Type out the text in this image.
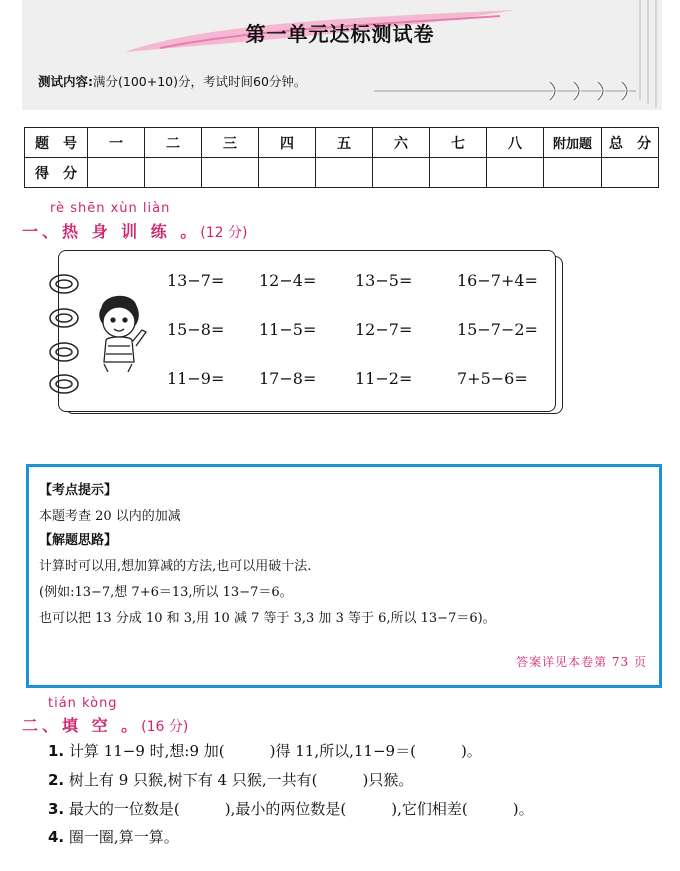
第一单元达标测试卷
测试内容:满分(100+10)分，考试时间60分钟。
题　号	一	二	三	四	五	六	七	八	附加题	总　分
得　分										
rè shēn xùn liàn
一、热 身 训 练 。(12 分)
13−7= 12−4= 13−5=	16−7+4=
15−8= 11−5= 12−7=	15−7−2=
11−9= 17−8= 11−2=	7+5−6=
【考点提示】
本题考查 20 以内的加减
【解题思路】
计算时可以用,想加算减的方法,也可以用破十法.
(例如:13−7,想 7+6＝13,所以 13−7＝6。
也可以把 13 分成 10 和 3,用 10 减 7 等于 3,3 加 3 等于 6,所以 13−7＝6)。
答案详见本卷第 73 页
tián kòng
二、填 空 。(16 分)
1. 计算 11−9 时,想:9 加(　　　)得 11,所以,11−9＝(　　　)。
2. 树上有 9 只猴,树下有 4 只猴,一共有(　　　)只猴。
3. 最大的一位数是(　　　),最小的两位数是(　　　),它们相差(　　　)。
4. 圈一圈,算一算。
